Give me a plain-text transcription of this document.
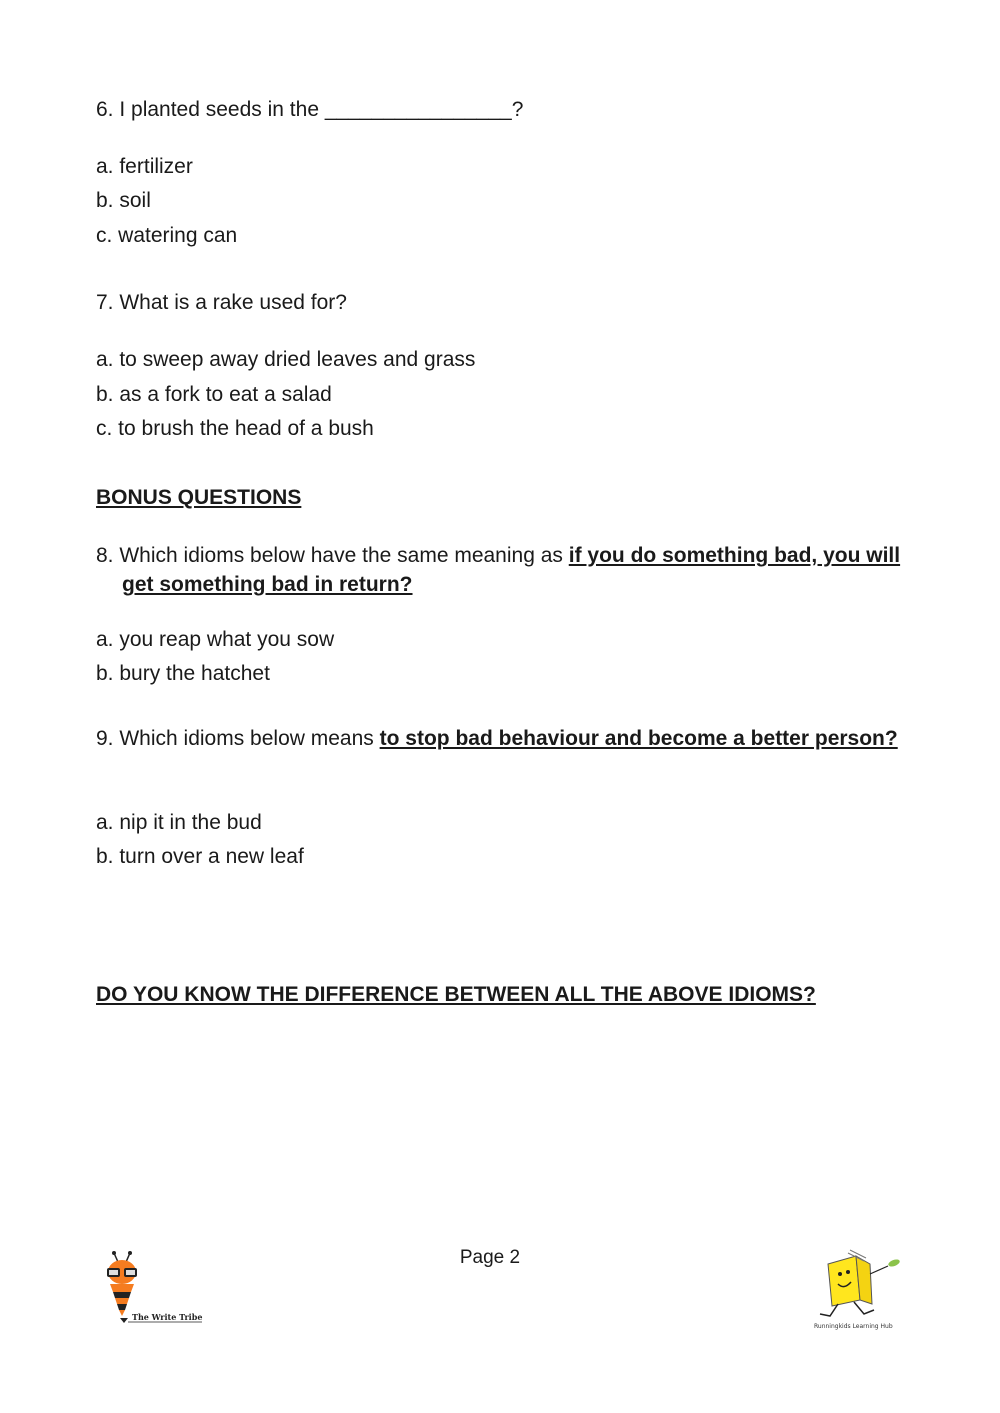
6. I planted seeds in the ________________?
a. fertilizer
b. soil
c. watering can
7. What is a rake used for?
a. to sweep away dried leaves and grass
b. as a fork to eat a salad
c. to brush the head of a bush
BONUS QUESTIONS
8. Which idioms below have the same meaning as if you do something bad, you will get something bad in return?
a. you reap what you sow
b. bury the hatchet
9. Which idioms below means to stop bad behaviour and become a better person?
a. nip it in the bud
b. turn over a new leaf
DO YOU KNOW THE DIFFERENCE BETWEEN ALL THE ABOVE IDIOMS?
Page 2
The Write Tribe
Runningkids Learning Hub
